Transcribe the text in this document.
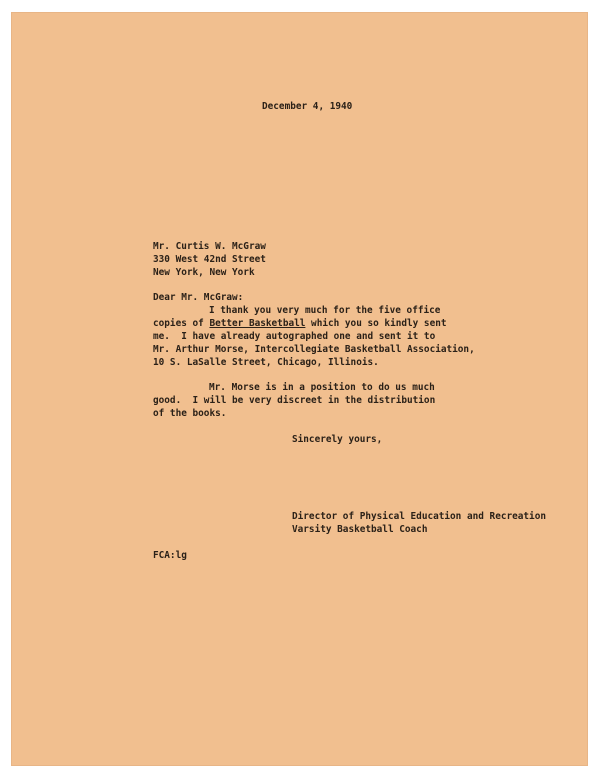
December 4, 1940
Mr. Curtis W. McGraw
330 West 42nd Street
New York, New York
Dear Mr. McGraw:
I thank you very much for the five office
copies of Better Basketball which you so kindly sent
me.  I have already autographed one and sent it to
Mr. Arthur Morse, Intercollegiate Basketball Association,
10 S. LaSalle Street, Chicago, Illinois.
Mr. Morse is in a position to do us much
good.  I will be very discreet in the distribution
of the books.
Sincerely yours,
Director of Physical Education and Recreation
Varsity Basketball Coach
FCA:lg
